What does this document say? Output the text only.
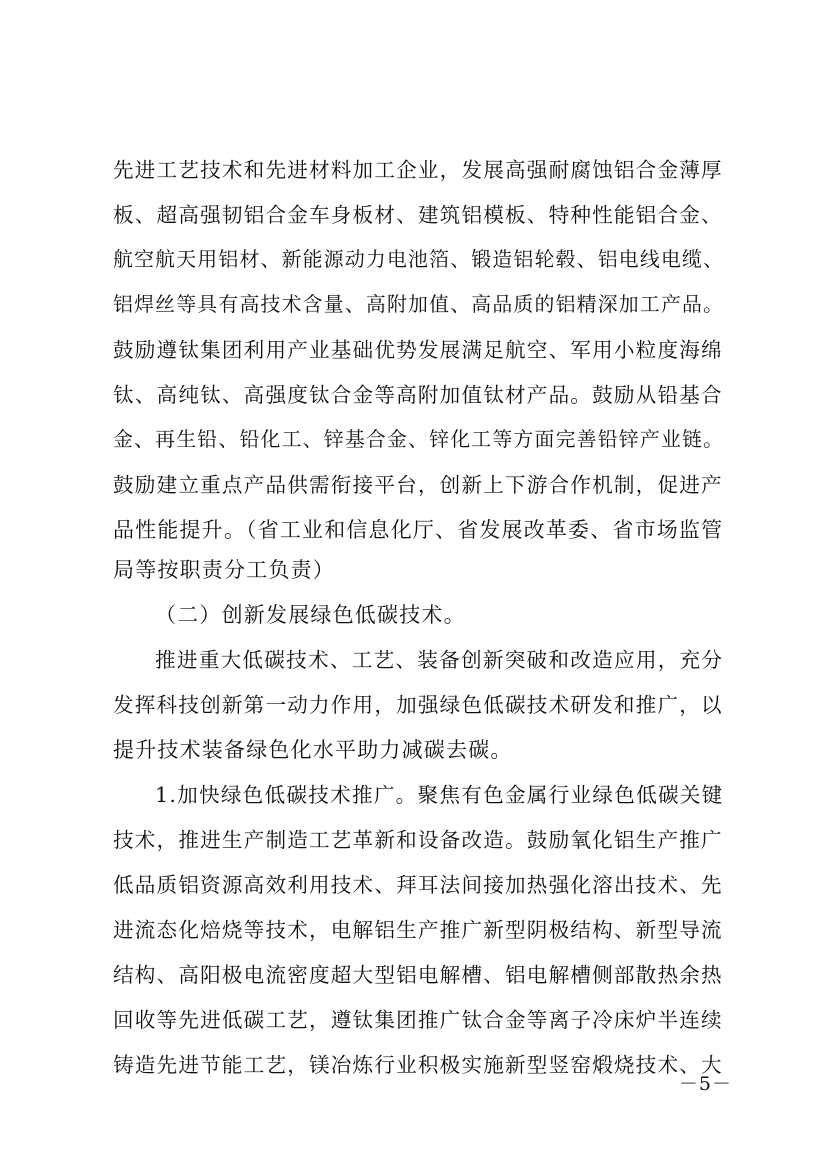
先进工艺技术和先进材料加工企业，发展高强耐腐蚀铝合金薄厚
板、超高强韧铝合金车身板材、建筑铝模板、特种性能铝合金、
航空航天用铝材、新能源动力电池箔、锻造铝轮毂、铝电线电缆、
铝焊丝等具有高技术含量、高附加值、高品质的铝精深加工产品。
鼓励遵钛集团利用产业基础优势发展满足航空、军用小粒度海绵
钛、高纯钛、高强度钛合金等高附加值钛材产品。鼓励从铅基合
金、再生铅、铅化工、锌基合金、锌化工等方面完善铅锌产业链。
鼓励建立重点产品供需衔接平台，创新上下游合作机制，促进产
品性能提升。（省工业和信息化厅、省发展改革委、省市场监管
局等按职责分工负责）
（二）创新发展绿色低碳技术。
推进重大低碳技术、工艺、装备创新突破和改造应用，充分
发挥科技创新第一动力作用，加强绿色低碳技术研发和推广，以
提升技术装备绿色化水平助力减碳去碳。
1.加快绿色低碳技术推广。聚焦有色金属行业绿色低碳关键
技术，推进生产制造工艺革新和设备改造。鼓励氧化铝生产推广
低品质铝资源高效利用技术、拜耳法间接加热强化溶出技术、先
进流态化焙烧等技术，电解铝生产推广新型阴极结构、新型导流
结构、高阳极电流密度超大型铝电解槽、铝电解槽侧部散热余热
回收等先进低碳工艺，遵钛集团推广钛合金等离子冷床炉半连续
铸造先进节能工艺，镁冶炼行业积极实施新型竖窑煅烧技术、大
－5－
